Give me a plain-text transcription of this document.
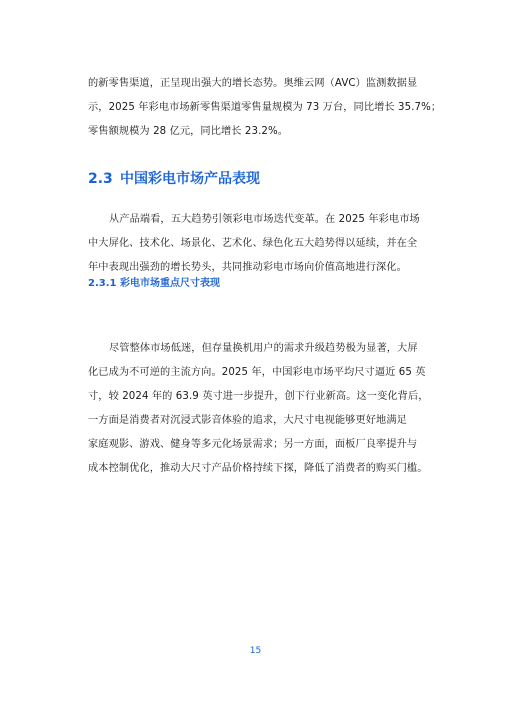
的新零售渠道，正呈现出强大的增长态势。奥维云网（AVC）监测数据显
示，2025 年彩电市场新零售渠道零售量规模为 73 万台，同比增长 35.7%；
零售额规模为 28 亿元，同比增长 23.2%。

2.3 中国彩电市场产品表现

从产品端看，五大趋势引领彩电市场迭代变革。在 2025 年彩电市场
中大屏化、技术化、场景化、艺术化、绿色化五大趋势得以延续，并在全
年中表现出强劲的增长势头，共同推动彩电市场向价值高地进行深化。

2.3.1 彩电市场重点尺寸表现

尽管整体市场低迷，但存量换机用户的需求升级趋势极为显著，大屏
化已成为不可逆的主流方向。2025 年，中国彩电市场平均尺寸逼近 65 英
寸，较 2024 年的 63.9 英寸进一步提升，创下行业新高。这一变化背后，
一方面是消费者对沉浸式影音体验的追求，大尺寸电视能够更好地满足
家庭观影、游戏、健身等多元化场景需求；另一方面，面板厂良率提升与
成本控制优化，推动大尺寸产品价格持续下探，降低了消费者的购买门槛。

15
